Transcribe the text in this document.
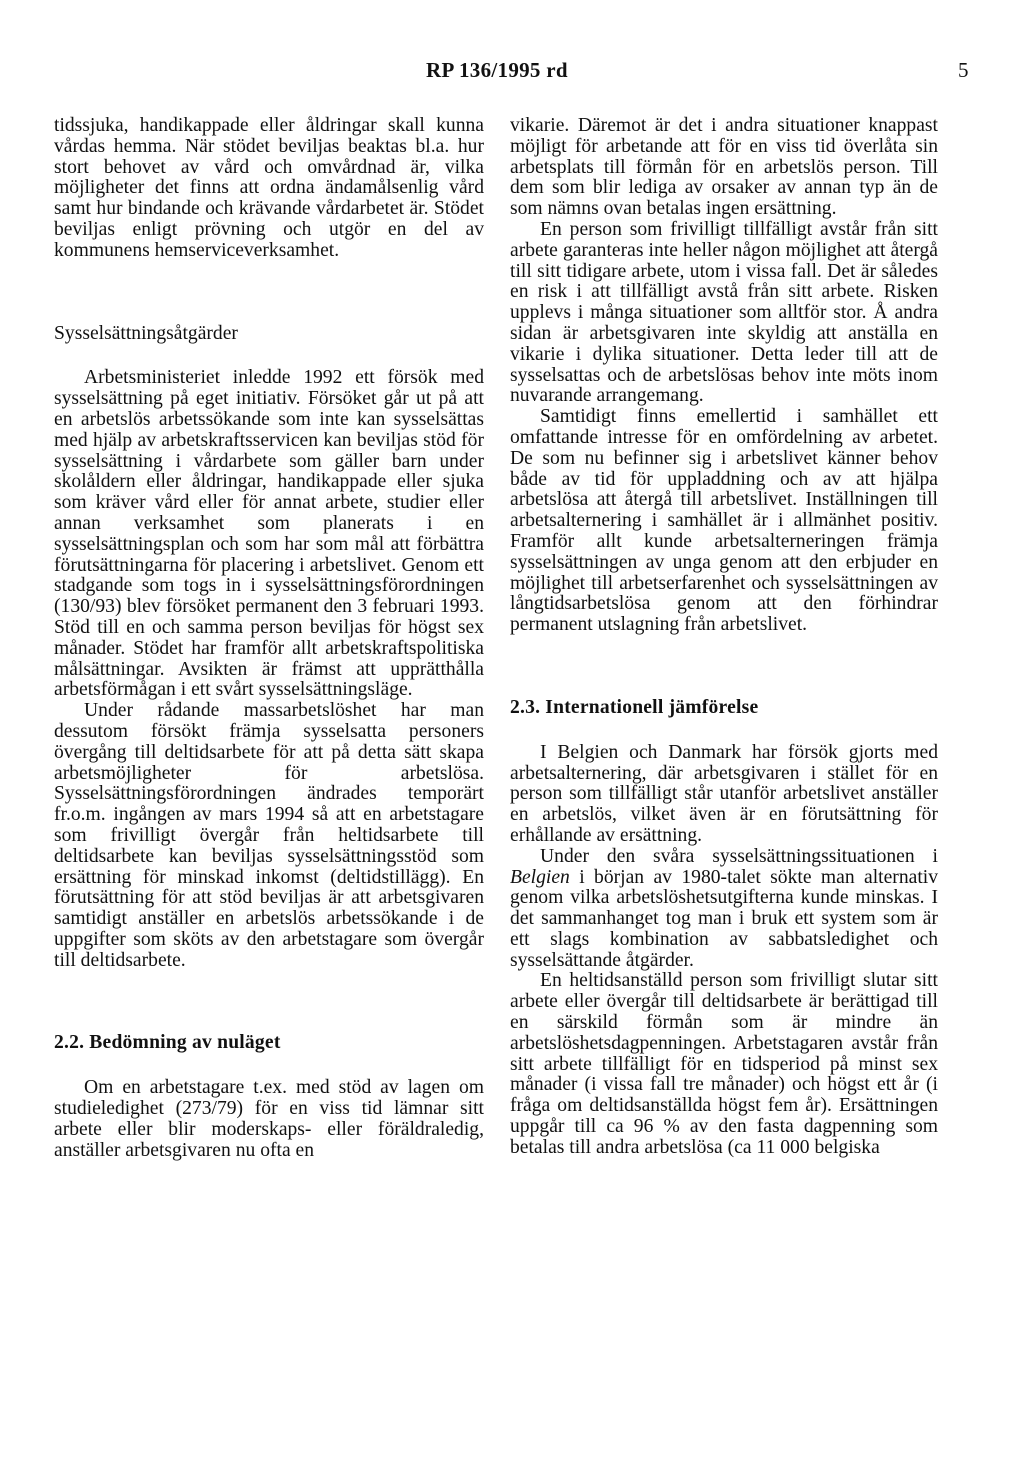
RP 136/1995 rd	5

tidssjuka, handikappade eller åldringar skall kunna vårdas hemma. När stödet beviljas beaktas bl.a. hur stort behovet av vård och omvårdnad är, vilka möjligheter det finns att ordna ändamålsenlig vård samt hur bindande och krävande vårdarbetet är. Stödet beviljas enligt prövning och utgör en del av kommunens hemserviceverksamhet.

Sysselsättningsåtgärder

Arbetsministeriet inledde 1992 ett försök med sysselsättning på eget initiativ. Försöket går ut på att en arbetslös arbetssökande som inte kan sysselsättas med hjälp av arbetskraftsservicen kan beviljas stöd för sysselsättning i vårdarbete som gäller barn under skolåldern eller åldringar, handikappade eller sjuka som kräver vård eller för annat arbete, studier eller annan verksamhet som planerats i en sysselsättningsplan och som har som mål att förbättra förutsättningarna för placering i arbetslivet. Genom ett stadgande som togs in i sysselsättningsförordningen (130/93) blev försöket permanent den 3 februari 1993. Stöd till en och samma person beviljas för högst sex månader. Stödet har framför allt arbetskraftspolitiska målsättningar. Avsikten är främst att upprätthålla arbetsförmågan i ett svårt sysselsättningsläge.

Under rådande massarbetslöshet har man dessutom försökt främja sysselsatta personers övergång till deltidsarbete för att på detta sätt skapa arbetsmöjligheter för arbetslösa. Sysselsättningsförordningen ändrades temporärt fr.o.m. ingången av mars 1994 så att en arbetstagare som frivilligt övergår från heltidsarbete till deltidsarbete kan beviljas sysselsättningsstöd som ersättning för minskad inkomst (deltidstillägg). En förutsättning för att stöd beviljas är att arbetsgivaren samtidigt anställer en arbetslös arbetssökande i de uppgifter som sköts av den arbetstagare som övergår till deltidsarbete.

2.2. Bedömning av nuläget

Om en arbetstagare t.ex. med stöd av lagen om studieledighet (273/79) för en viss tid lämnar sitt arbete eller blir moderskaps- eller föräldraledig, anställer arbetsgivaren nu ofta en

vikarie. Däremot är det i andra situationer knappast möjligt för arbetande att för en viss tid överlåta sin arbetsplats till förmån för en arbetslös person. Till dem som blir lediga av orsaker av annan typ än de som nämns ovan betalas ingen ersättning.

En person som frivilligt tillfälligt avstår från sitt arbete garanteras inte heller någon möjlighet att återgå till sitt tidigare arbete, utom i vissa fall. Det är således en risk i att tillfälligt avstå från sitt arbete. Risken upplevs i många situationer som alltför stor. Å andra sidan är arbetsgivaren inte skyldig att anställa en vikarie i dylika situationer. Detta leder till att de sysselsattas och de arbetslösas behov inte möts inom nuvarande arrangemang.

Samtidigt finns emellertid i samhället ett omfattande intresse för en omfördelning av arbetet. De som nu befinner sig i arbetslivet känner behov både av tid för uppladdning och av att hjälpa arbetslösa att återgå till arbetslivet. Inställningen till arbetsalternering i samhället är i allmänhet positiv. Framför allt kunde arbetsalterneringen främja sysselsättningen av unga genom att den erbjuder en möjlighet till arbetserfarenhet och sysselsättningen av långtidsarbetslösa genom att den förhindrar permanent utslagning från arbetslivet.

2.3. Internationell jämförelse

I Belgien och Danmark har försök gjorts med arbetsalternering, där arbetsgivaren i stället för en person som tillfälligt står utanför arbetslivet anställer en arbetslös, vilket även är en förutsättning för erhållande av ersättning.

Under den svåra sysselsättningssituationen i Belgien i början av 1980-talet sökte man alternativ genom vilka arbetslöshetsutgifterna kunde minskas. I det sammanhanget tog man i bruk ett system som är ett slags kombination av sabbatsledighet och sysselsättande åtgärder.

En heltidsanställd person som frivilligt slutar sitt arbete eller övergår till deltidsarbete är berättigad till en särskild förmån som är mindre än arbetslöshetsdagpenningen. Arbetstagaren avstår från sitt arbete tillfälligt för en tidsperiod på minst sex månader (i vissa fall tre månader) och högst ett år (i fråga om deltidsanställda högst fem år). Ersättningen uppgår till ca 96 % av den fasta dagpenning som betalas till andra arbetslösa (ca 11 000 belgiska
